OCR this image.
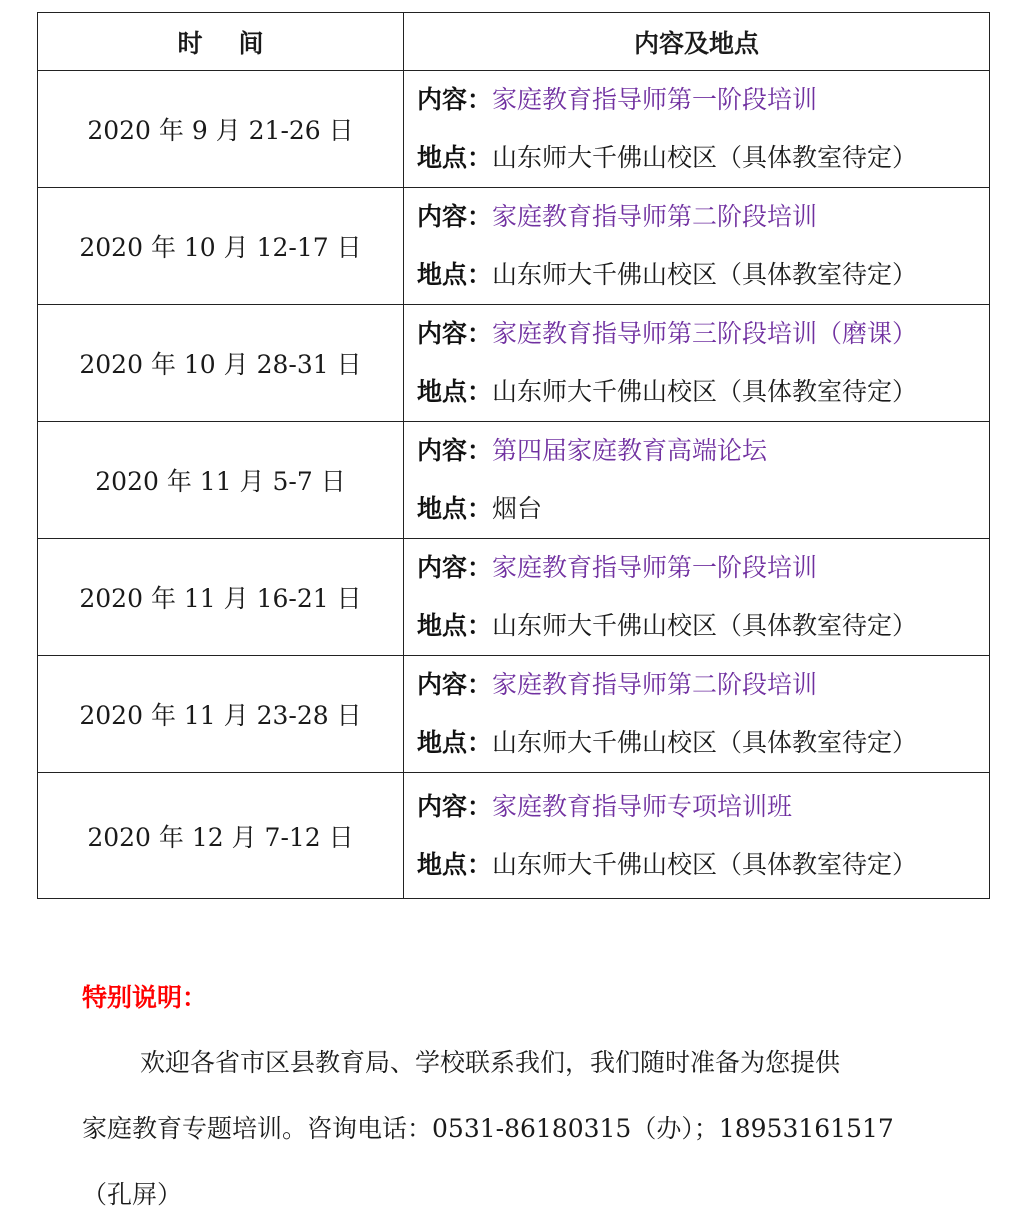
时间	内容及地点
2020 年 9 月 21-26 日	内容：家庭教育指导师第一阶段培训
地点：山东师大千佛山校区（具体教室待定）

2020 年 10 月 12-17 日	内容：家庭教育指导师第二阶段培训
地点：山东师大千佛山校区（具体教室待定）

2020 年 10 月 28-31 日	内容：家庭教育指导师第三阶段培训（磨课）
地点：山东师大千佛山校区（具体教室待定）

2020 年 11 月 5-7 日	内容：第四届家庭教育高端论坛
地点：烟台

2020 年 11 月 16-21 日	内容：家庭教育指导师第一阶段培训
地点：山东师大千佛山校区（具体教室待定）

2020 年 11 月 23-28 日	内容：家庭教育指导师第二阶段培训
地点：山东师大千佛山校区（具体教室待定）

2020 年 12 月 7-12 日	内容：家庭教育指导师专项培训班
地点：山东师大千佛山校区（具体教室待定）
特别说明：

欢迎各省市区县教育局、学校联系我们，我们随时准备为您提供

家庭教育专题培训。咨询电话：0531-86180315（办）；18953161517

（孔屏）
